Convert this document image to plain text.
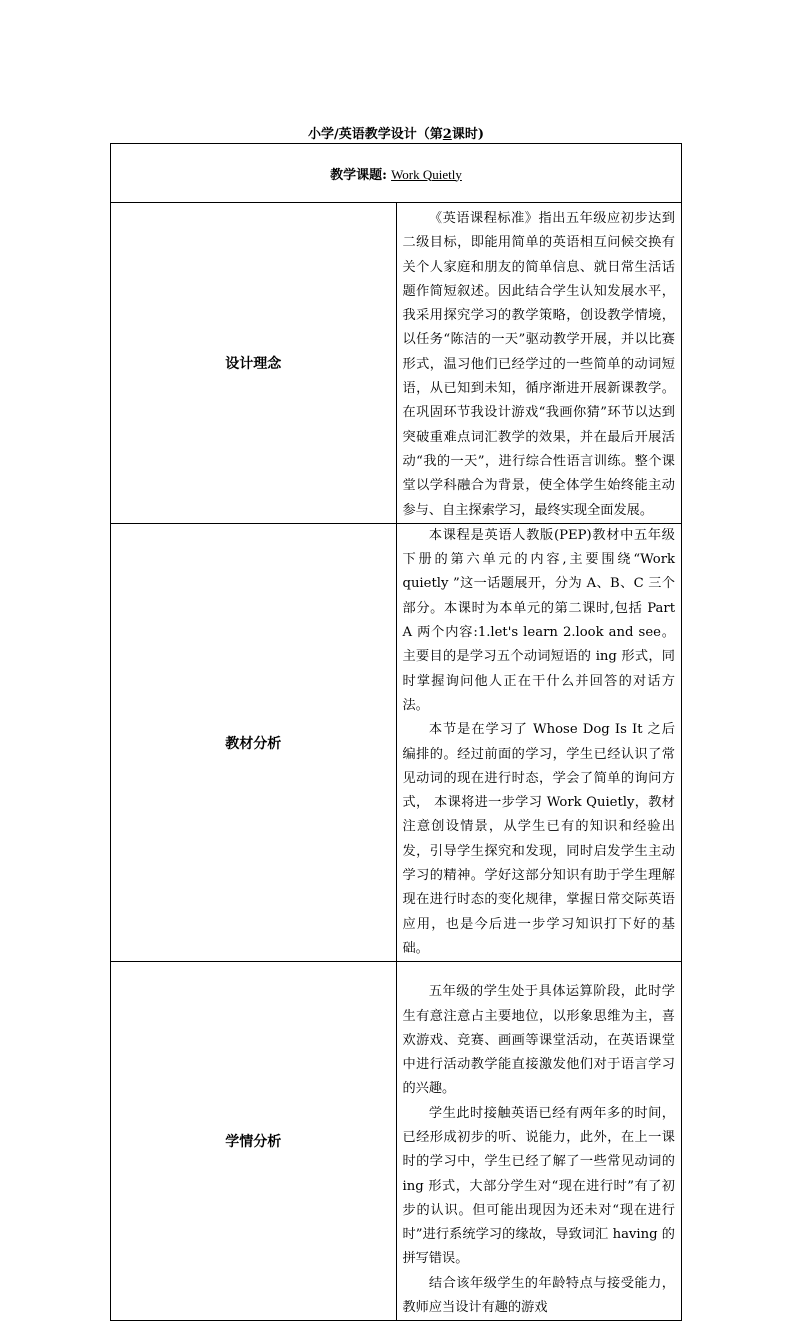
小学/英语教学设计（第2课时)
教学课题: Work Quietly	
设计理念	《英语课程标准》指出五年级应初步达到二级目标，即能用简单的英语相互问候交换有关个人家庭和朋友的简单信息、就日常生活话题作简短叙述。因此结合学生认知发展水平，我采用探究学习的教学策略，创设教学情境，以任务“陈洁的一天”驱动教学开展，并以比赛形式，温习他们已经学过的一些简单的动词短语，从已知到未知，循序渐进开展新课教学。在巩固环节我设计游戏“我画你猜”环节以达到突破重难点词汇教学的效果，并在最后开展活动“我的一天”，进行综合性语言训练。整个课堂以学科融合为背景，使全体学生始终能主动参与、自主探索学习，最终实现全面发展。

教材分析	本课程是英语人教版(PEP)教材中五年级下册的第六单元的内容,主要围绕“Work quietly ”这一话题展开，分为 A、B、C 三个部分。本课时为本单元的第二课时,包括 Part A 两个内容:1.let's learn 2.look and see。主要目的是学习五个动词短语的 ing 形式，同时掌握询问他人正在干什么并回答的对话方法。

本节是在学习了 Whose Dog Is It 之后编排的。经过前面的学习，学生已经认识了常见动词的现在进行时态，学会了简单的询问方式， 本课将进一步学习 Work Quietly，教材注意创设情景，从学生已有的知识和经验出发，引导学生探究和发现，同时启发学生主动学习的精神。学好这部分知识有助于学生理解现在进行时态的变化规律，掌握日常交际英语应用，也是今后进一步学习知识打下好的基础。

学情分析	五年级的学生处于具体运算阶段，此时学生有意注意占主要地位，以形象思维为主，喜欢游戏、竞赛、画画等课堂活动，在英语课堂中进行活动教学能直接激发他们对于语言学习的兴趣。

学生此时接触英语已经有两年多的时间，已经形成初步的听、说能力，此外，在上一课时的学习中，学生已经了解了一些常见动词的 ing 形式，大部分学生对“现在进行时”有了初步的认识。但可能出现因为还未对“现在进行时”进行系统学习的缘故，导致词汇 having 的拼写错误。

结合该年级学生的年龄特点与接受能力，教师应当设计有趣的游戏
